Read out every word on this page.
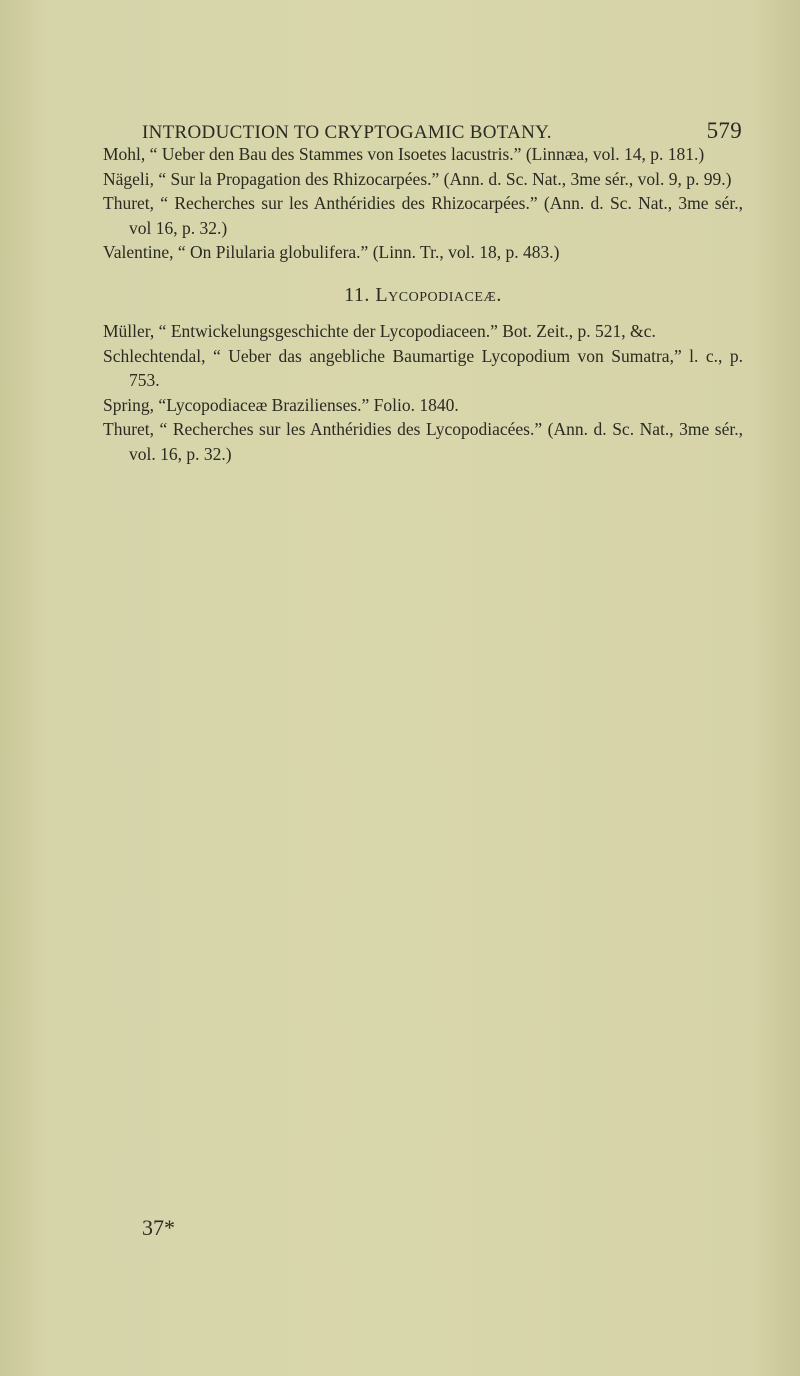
INTRODUCTION TO CRYPTOGAMIC BOTANY.	579

Mohl, “ Ueber den Bau des Stammes von Isoetes lacustris.” (Linnæa, vol. 14, p. 181.)

Nägeli, “ Sur la Propagation des Rhizocarpées.” (Ann. d. Sc. Nat., 3me sér., vol. 9, p. 99.)

Thuret, “ Recherches sur les Anthéridies des Rhizocarpées.” (Ann. d. Sc. Nat., 3me sér., vol 16, p. 32.)

Valentine, “ On Pilularia globulifera.” (Linn. Tr., vol. 18, p. 483.)

11. Lycopodiaceæ.

Müller, “ Entwickelungsgeschichte der Lycopodiaceen.” Bot. Zeit., p. 521, &c.

Schlechtendal, “ Ueber das angebliche Baumartige Lycopodium von Sumatra,” l. c., p. 753.

Spring, “Lycopodiaceæ Brazilienses.” Folio. 1840.

Thuret, “ Recherches sur les Anthéridies des Lycopodiacées.” (Ann. d. Sc. Nat., 3me sér., vol. 16, p. 32.)

37*
